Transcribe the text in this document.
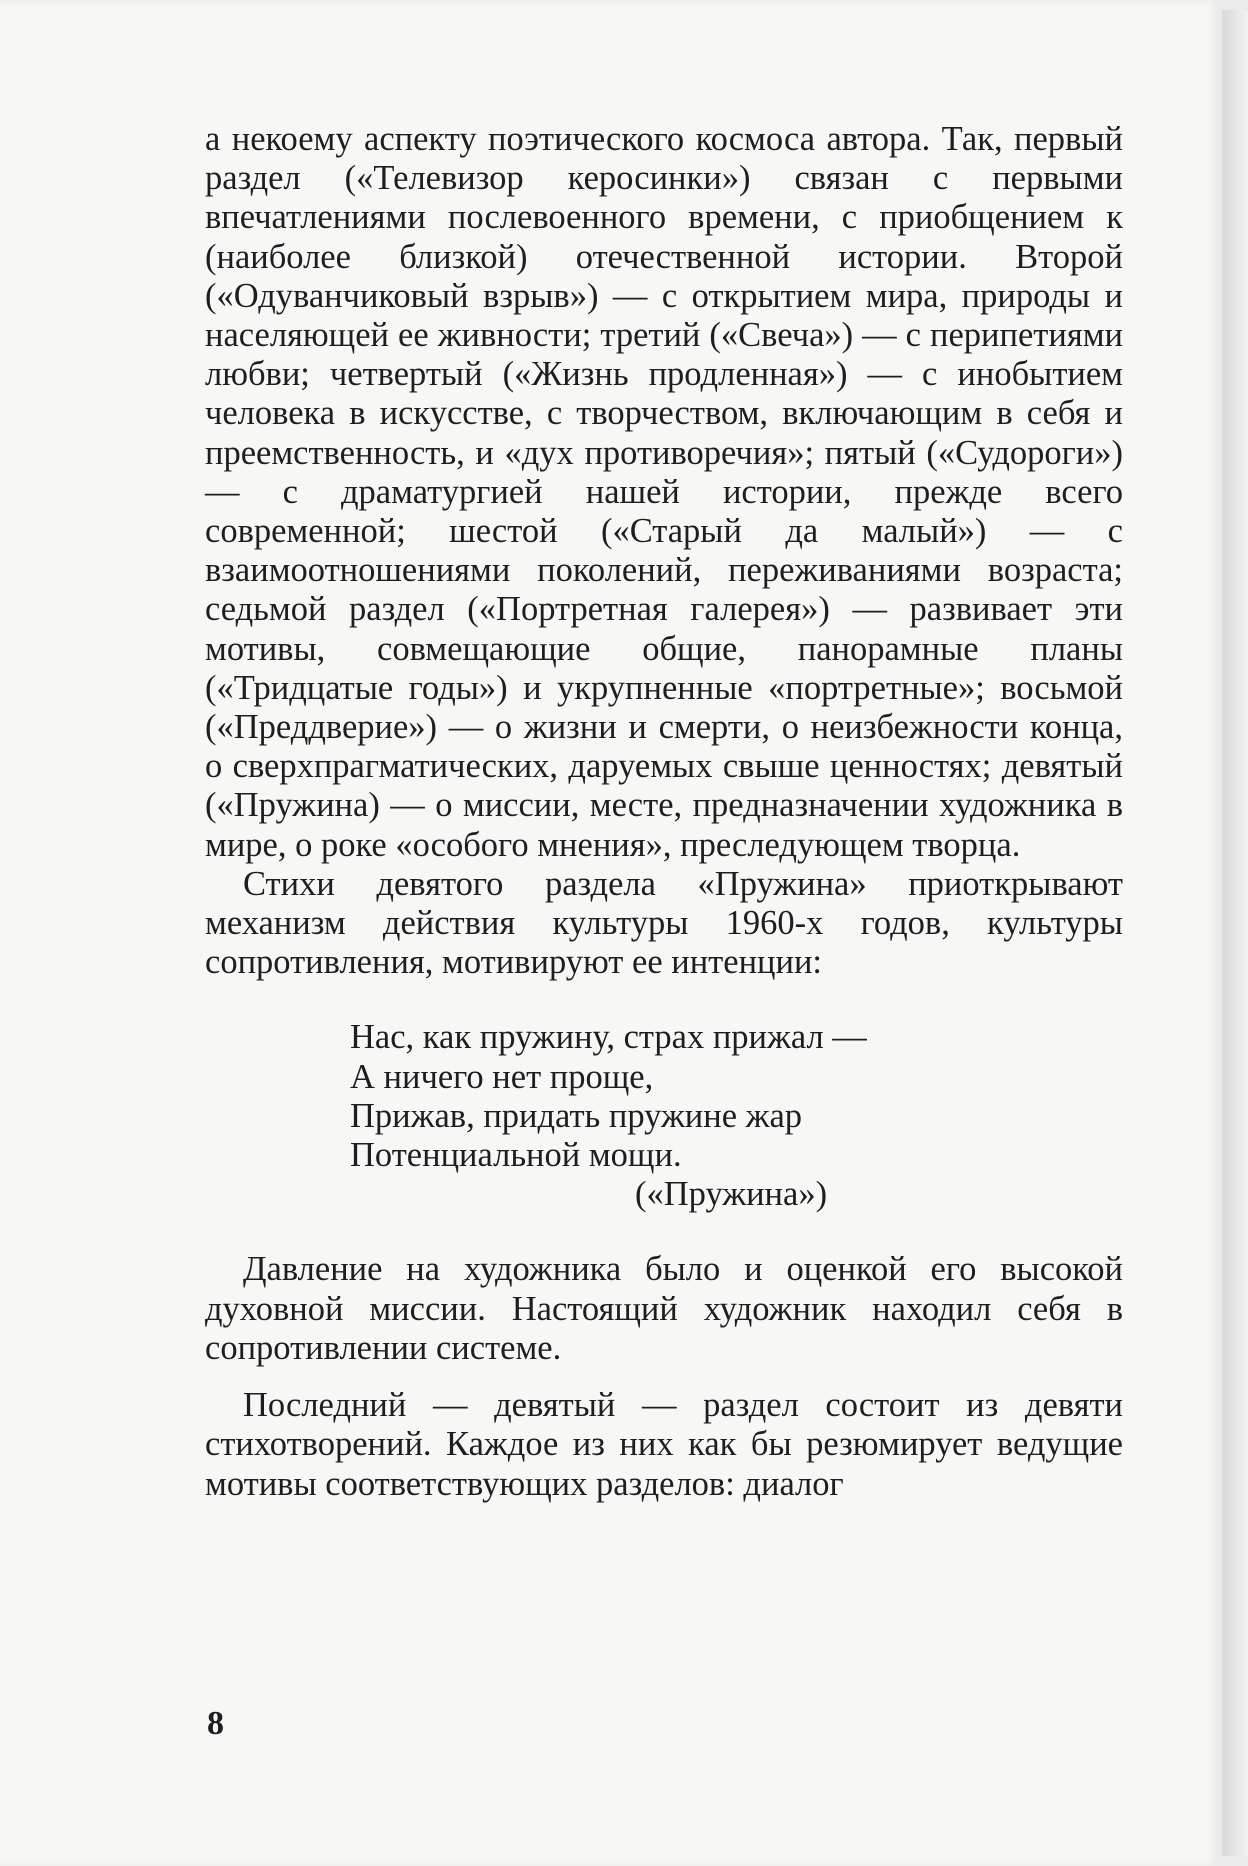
а некоему аспекту поэтического космоса автора. Так, первый раздел («Телевизор керосинки») связан с первыми впечатлениями послевоенного времени, с приобщением к (наиболее близкой) отечественной истории. Второй («Одуванчиковый взрыв») — с открытием мира, природы и населяющей ее живности; третий («Свеча») — с перипетиями любви; четвертый («Жизнь продленная») — с инобытием человека в искусстве, с творчеством, включающим в себя и преемственность, и «дух противоречия»; пятый («Судороги») — с драматургией нашей истории, прежде всего современной; шестой («Старый да малый») — с взаимоотношениями поколений, переживаниями возраста; седьмой раздел («Портретная галерея») — развивает эти мотивы, совмещающие общие, панорамные планы («Тридцатые годы») и укрупненные «портретные»; восьмой («Преддверие») — о жизни и смерти, о неизбежности конца, о сверхпрагматических, даруемых свыше ценностях; девятый («Пружина) — о миссии, месте, предназначении художника в мире, о роке «особого мнения», преследующем творца.

Стихи девятого раздела «Пружина» приоткрывают механизм действия культуры 1960-х годов, культуры сопротивления, мотивируют ее интенции:

Нас, как пружину, страх прижал —
А ничего нет проще,
Прижав, придать пружине жар
Потенциальной мощи.
(«Пружина»)

Давление на художника было и оценкой его высокой духовной миссии. Настоящий художник находил себя в сопротивлении системе.

Последний — девятый — раздел состоит из девяти стихотворений. Каждое из них как бы резюмирует ведущие мотивы соответствующих разделов: диалог

8
